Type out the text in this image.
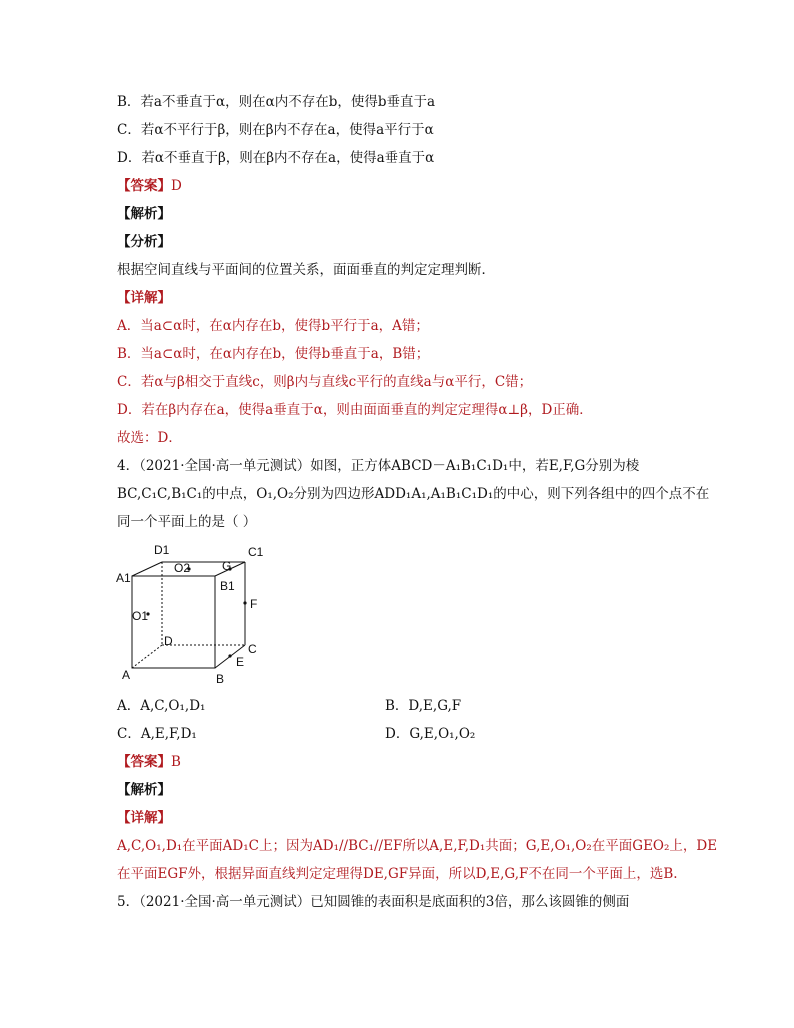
B．若a不垂直于α，则在α内不存在b，使得b垂直于a
C．若α不平行于β，则在β内不存在a，使得a平行于α
D．若α不垂直于β，则在β内不存在a，使得a垂直于α
【答案】D
【解析】
【分析】
根据空间直线与平面间的位置关系，面面垂直的判定定理判断．
【详解】
A．当a⊂α时，在α内存在b，使得b平行于a，A错；
B．当a⊂α时，在α内存在b，使得b垂直于a，B错；
C．若α与β相交于直线c，则β内与直线c平行的直线a与α平行，C错；
D．若在β内存在a，使得a垂直于α，则由面面垂直的判定定理得α⊥β，D正确．
故选：D．
4．（2021·全国·高一单元测试）如图，正方体ABCD－A₁B₁C₁D₁中，若E,F,G分别为棱
BC,C₁C,B₁C₁的中点，O₁,O₂分别为四边形ADD₁A₁,A₁B₁C₁D₁的中心，则下列各组中的四个点不在
同一个平面上的是（ ）
D1	C1
A1
O2	G
B1
F
O1
D
C
E
A	B
A．A,C,O₁,D₁	B．D,E,G,F
C．A,E,F,D₁	D．G,E,O₁,O₂
【答案】B
【解析】
【详解】
A,C,O₁,D₁在平面AD₁C上；因为AD₁//BC₁//EF所以A,E,F,D₁共面；G,E,O₁,O₂在平面GEO₂上，DE
在平面EGF外，根据异面直线判定定理得DE,GF异面，所以D,E,G,F不在同一个平面上，选B.
5．（2021·全国·高一单元测试）已知圆锥的表面积是底面积的3倍，那么该圆锥的侧面
